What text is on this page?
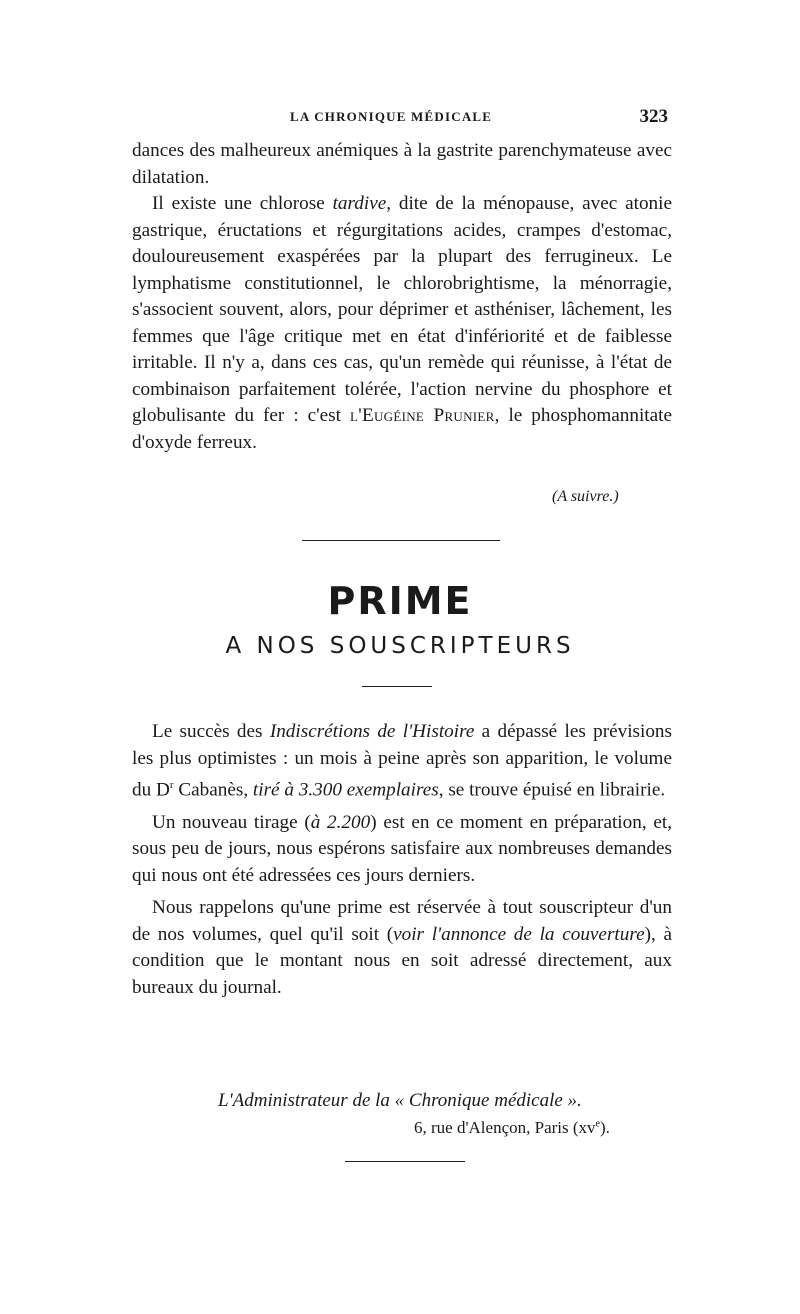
LA CHRONIQUE MÉDICALE	323

dances des malheureux anémiques à la gastrite parenchymateuse avec dilatation.

Il existe une chlorose tardive, dite de la ménopause, avec atonie gastrique, éructations et régurgitations acides, crampes d'estomac, douloureusement exaspérées par la plupart des ferrugineux. Le lymphatisme constitutionnel, le chlorobrightisme, la ménorragie, s'associent souvent, alors, pour déprimer et asthéniser, lâchement, les femmes que l'âge critique met en état d'infériorité et de faiblesse irritable. Il n'y a, dans ces cas, qu'un remède qui réunisse, à l'état de combinaison parfaitement tolérée, l'action nervine du phosphore et globulisante du fer : c'est l'Eugéine Prunier, le phosphomannitate d'oxyde ferreux.

(A suivre.)
PRIME
A NOS SOUSCRIPTEURS

Le succès des Indiscrétions de l'Histoire a dépassé les prévisions les plus optimistes : un mois à peine après son apparition, le volume du $D^r$ Cabanès, tiré à 3.300 exemplaires, se trouve épuisé en librairie.

Un nouveau tirage (à 2.200) est en ce moment en préparation, et, sous peu de jours, nous espérons satisfaire aux nombreuses demandes qui nous ont été adressées ces jours derniers.

Nous rappelons qu'une prime est réservée à tout souscripteur d'un de nos volumes, quel qu'il soit (voir l'annonce de la couverture), à condition que le montant nous en soit adressé directement, aux bureaux du journal.

L'Administrateur de la « Chronique médicale ».
6, rue d'Alençon, Paris $(xv^e)$.
